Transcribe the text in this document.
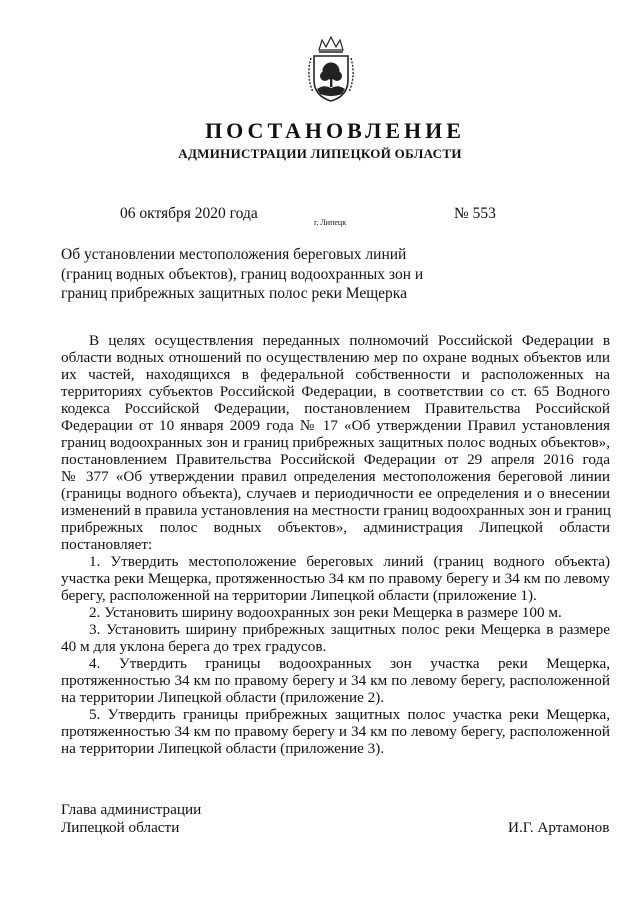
ПОСТАНОВЛЕНИЕ
АДМИНИСТРАЦИИ ЛИПЕЦКОЙ ОБЛАСТИ
06 октября 2020 года
г. Липецк
№ 553
Об установлении местоположения береговых линий
(границ водных объектов), границ водоохранных зон и
границ прибрежных защитных полос реки Мещерка
В целях осуществления переданных полномочий Российской Федерации в
области водных отношений по осуществлению мер по охране водных объектов или
их частей, находящихся в федеральной собственности и расположенных на
территориях субъектов Российской Федерации, в соответствии со ст. 65 Водного
кодекса Российской Федерации, постановлением Правительства Российской
Федерации от 10 января 2009 года № 17 «Об утверждении Правил установления
границ водоохранных зон и границ прибрежных защитных полос водных объектов»,
постановлением Правительства Российской Федерации от 29 апреля 2016 года
№ 377 «Об утверждении правил определения местоположения береговой линии
(границы водного объекта), случаев и периодичности ее определения и о внесении
изменений в правила установления на местности границ водоохранных зон и границ
прибрежных полос водных объектов», администрация Липецкой области
постановляет:
1. Утвердить местоположение береговых линий (границ водного объекта)
участка реки Мещерка, протяженностью 34 км по правому берегу и 34 км по левому
берегу, расположенной на территории Липецкой области (приложение 1).
2. Установить ширину водоохранных зон реки Мещерка в размере 100 м.
3. Установить ширину прибрежных защитных полос реки Мещерка в размере
40 м для уклона берега до трех градусов.
4. Утвердить границы водоохранных зон участка реки Мещерка,
протяженностью 34 км по правому берегу и 34 км по левому берегу, расположенной
на территории Липецкой области (приложение 2).
5. Утвердить границы прибрежных защитных полос участка реки Мещерка,
протяженностью 34 км по правому берегу и 34 км по левому берегу, расположенной
на территории Липецкой области (приложение 3).
Глава администрации
Липецкой области	И.Г. Артамонов
